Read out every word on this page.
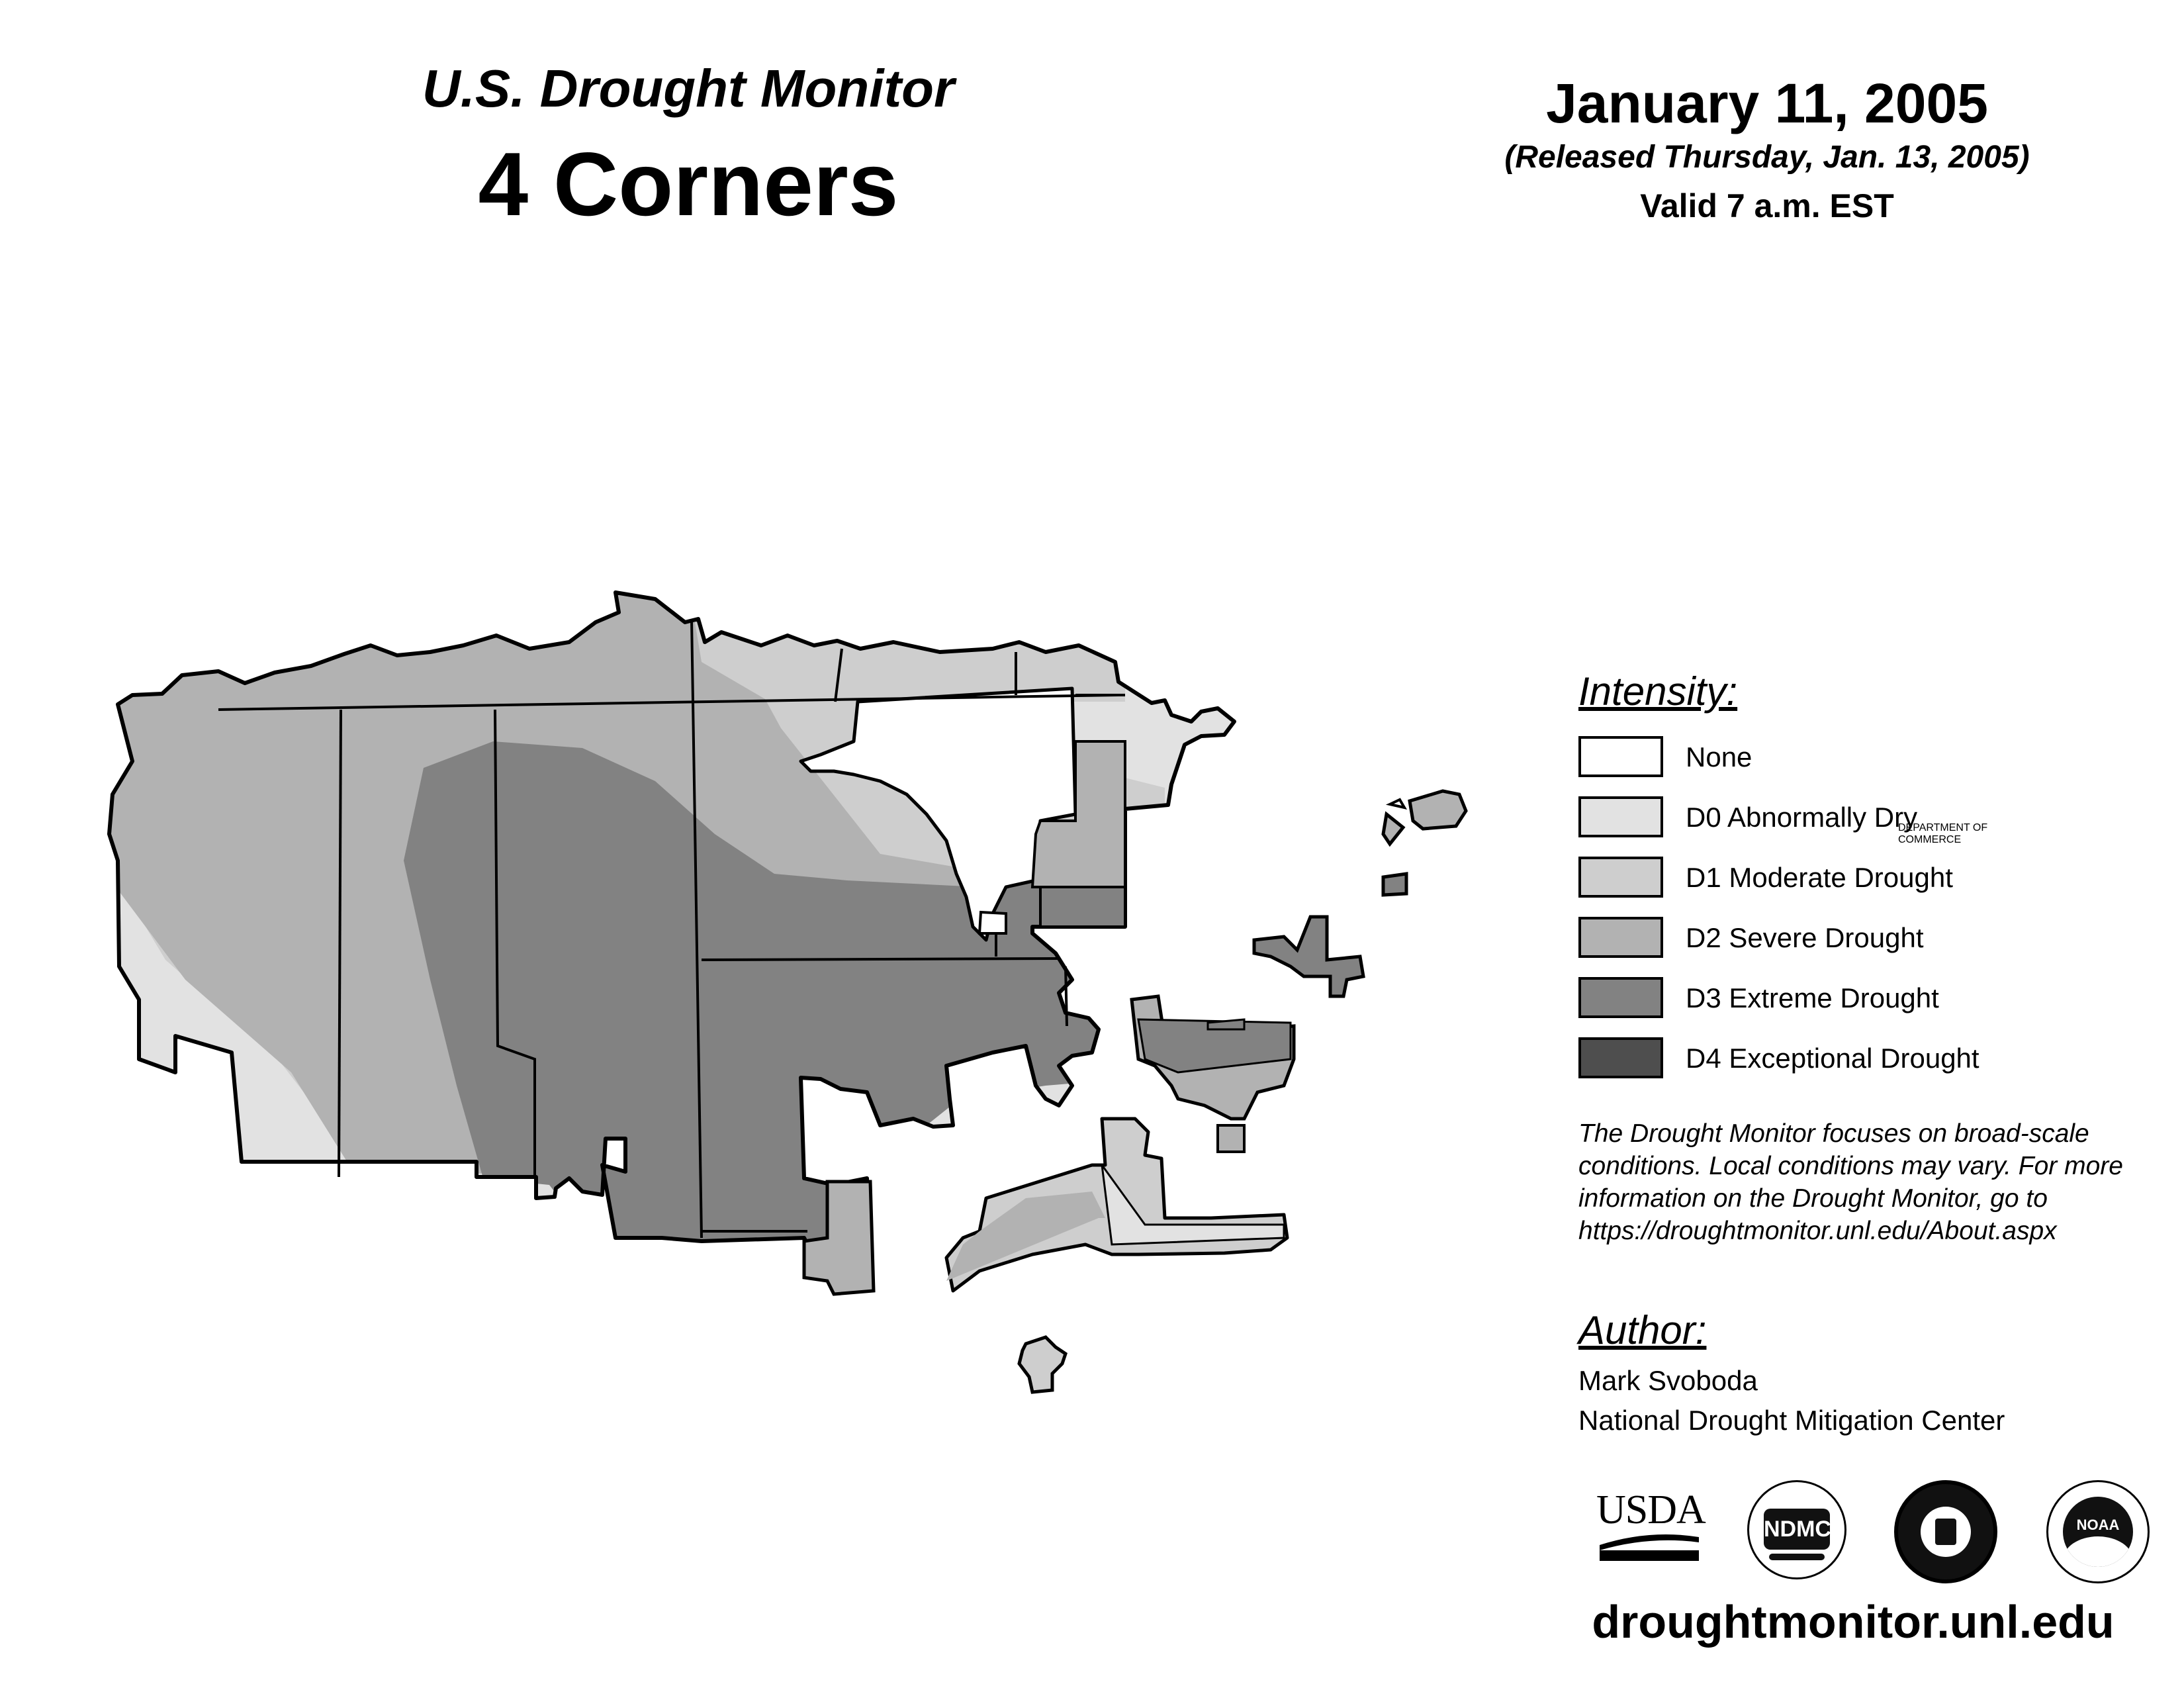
U.S. Drought Monitor
4 Corners
January 11, 2005
(Released Thursday, Jan. 13, 2005)
Valid 7 a.m. EST
Intensity:
None
D0 Abnormally Dry
D1 Moderate Drought
D2 Severe Drought
D3 Extreme Drought
D4 Exceptional Drought
The Drought Monitor focuses on broad-scale
conditions. Local conditions may vary. For more
information on the Drought Monitor, go to
https://droughtmonitor.unl.edu/About.aspx
Author:
Mark Svoboda
National Drought Mitigation Center
USDA	NDMC
DEPARTMENT OF COMMERCE
NOAA
droughtmonitor.unl.edu
